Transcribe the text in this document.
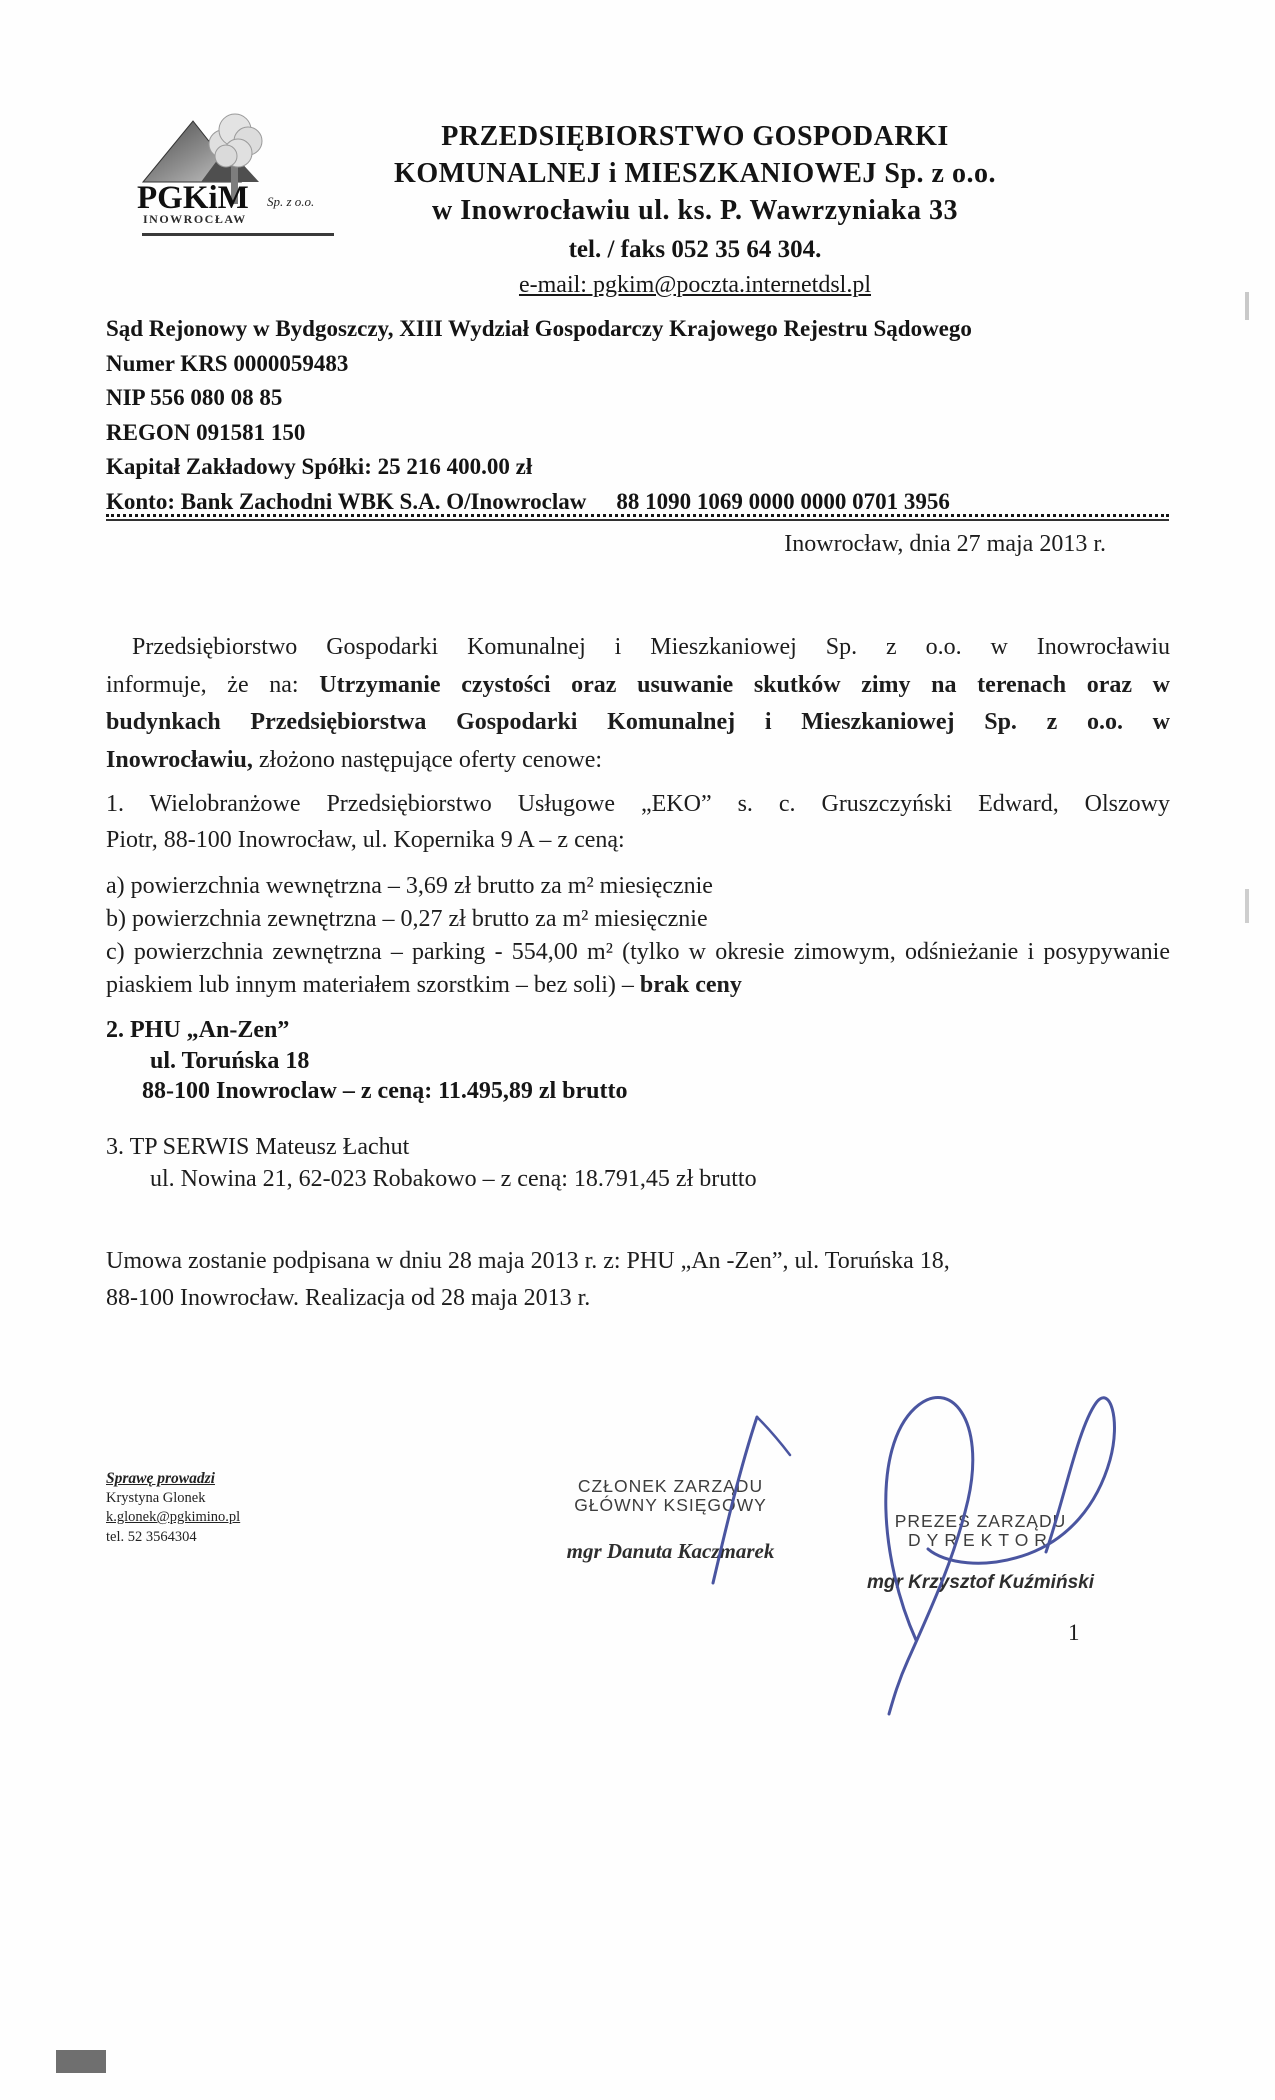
PGKiM Sp. z o.o.
INOWROCŁAW
PRZEDSIĘBIORSTWO GOSPODARKI
KOMUNALNEJ i MIESZKANIOWEJ Sp. z o.o.
w Inowrocławiu ul. ks. P. Wawrzyniaka 33
tel. / faks 052 35 64 304.
e-mail: pgkim@poczta.internetdsl.pl
Sąd Rejonowy w Bydgoszczy, XIII Wydział Gospodarczy Krajowego Rejestru Sądowego
Numer KRS 0000059483
NIP 556 080 08 85
REGON 091581 150
Kapitał Zakładowy Spółki: 25 216 400.00 zł
Konto: Bank Zachodni WBK S.A. O/Inowroclaw 88 1090 1069 0000 0000 0701 3956
Inowrocław, dnia 27 maja 2013 r.
Przedsiębiorstwo Gospodarki Komunalnej i Mieszkaniowej Sp. z o.o. w Inowrocławiu
informuje, że na: Utrzymanie czystości oraz usuwanie skutków zimy na terenach oraz w
budynkach Przedsiębiorstwa Gospodarki Komunalnej i Mieszkaniowej Sp. z o.o. w
Inowrocławiu, złożono następujące oferty cenowe:
1. Wielobranżowe Przedsiębiorstwo Usługowe „EKO” s. c. Gruszczyński Edward, Olszowy
Piotr, 88-100 Inowrocław, ul. Kopernika 9 A – z ceną:
a) powierzchnia wewnętrzna – 3,69 zł brutto za m² miesięcznie
b) powierzchnia zewnętrzna – 0,27 zł brutto za m² miesięcznie
c) powierzchnia zewnętrzna – parking - 554,00 m² (tylko w okresie zimowym, odśnieżanie i posypywanie piaskiem lub innym materiałem szorstkim – bez soli) – brak ceny
2. PHU „An-Zen”
ul. Toruńska 18
88-100 Inowroclaw – z ceną: 11.495,89 zl brutto
3. TP SERWIS Mateusz Łachut
ul. Nowina 21, 62-023 Robakowo – z ceną: 18.791,45 zł brutto
Umowa zostanie podpisana w dniu 28 maja 2013 r. z: PHU „An -Zen”, ul. Toruńska 18,
88-100 Inowrocław. Realizacja od 28 maja 2013 r.
Sprawę prowadzi
Krystyna Glonek
k.glonek@pgkimino.pl
tel. 52 3564304
CZŁONEK ZARZĄDU
GŁÓWNY KSIĘGOWY
mgr Danuta Kaczmarek
PREZES ZARZĄDU
DYREKTOR
mgr Krzysztof Kuźmiński
1
